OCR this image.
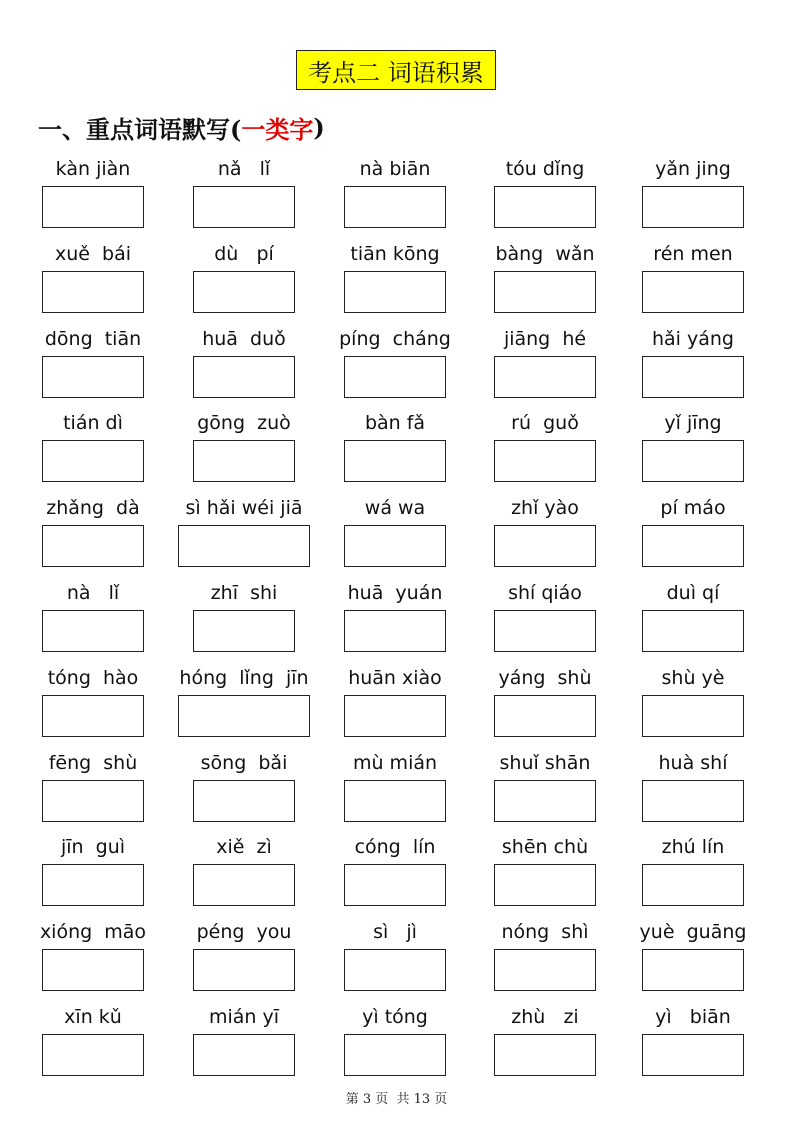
考点二 词语积累
一、重点词语默写( 一类字 )
kàn jiàn	nǎ   lǐ	nà biān	tóu dǐng	yǎn jing
xuě  bái	dù   pí	tiān kōng	bàng  wǎn	rén men
dōng  tiān	huā  duǒ	píng  cháng	jiāng  hé	hǎi yáng
tián dì	gōng  zuò	bàn fǎ	rú  guǒ	yǐ jīng
zhǎng  dà	sì hǎi wéi jiā	wá wa	zhǐ yào	pí máo
nà   lǐ	zhī  shi	huā  yuán	shí qiáo	duì qí
tóng  hào	hóng  lǐng  jīn	huān xiào	yáng  shù	shù yè
fēng  shù	sōng  bǎi	mù mián	shuǐ shān	huà shí
jīn  guì	xiě  zì	cóng  lín	shēn chù	zhú lín
xióng  māo	péng  you	sì   jì	nóng  shì	yuè  guāng
xīn kǔ	mián yī	yì tóng	zhù   zi	yì   biān
第 3 页  共 13 页
